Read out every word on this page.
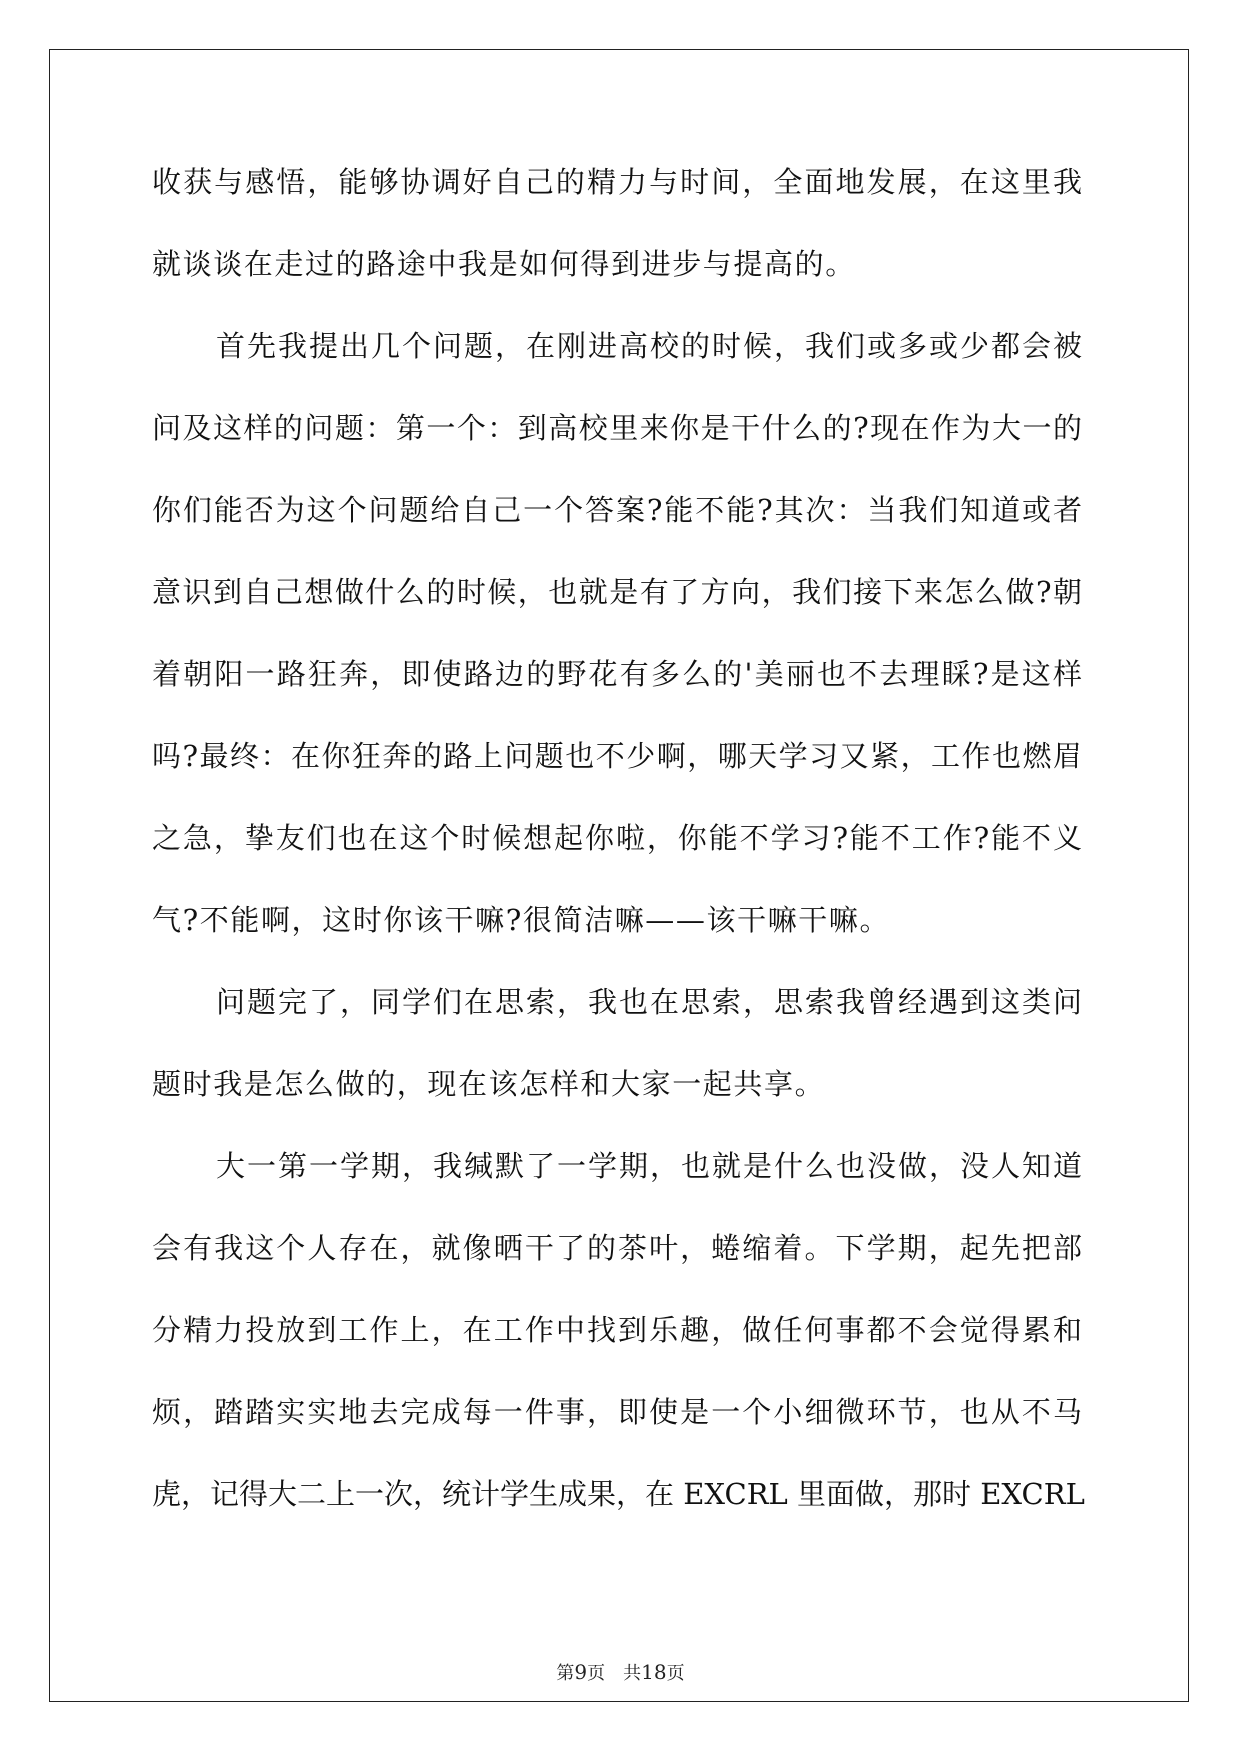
收获与感悟，能够协调好自己的精力与时间，全面地发展，在这里我
就谈谈在走过的路途中我是如何得到进步与提高的。
首先我提出几个问题，在刚进高校的时候，我们或多或少都会被
问及这样的问题：第一个：到高校里来你是干什么的?现在作为大一的
你们能否为这个问题给自己一个答案?能不能?其次：当我们知道或者
意识到自己想做什么的时候，也就是有了方向，我们接下来怎么做?朝
着朝阳一路狂奔，即使路边的野花有多么的'美丽也不去理睬?是这样
吗?最终：在你狂奔的路上问题也不少啊，哪天学习又紧，工作也燃眉
之急，挚友们也在这个时候想起你啦，你能不学习?能不工作?能不义
气?不能啊，这时你该干嘛?很简洁嘛——该干嘛干嘛。
问题完了，同学们在思索，我也在思索，思索我曾经遇到这类问
题时我是怎么做的，现在该怎样和大家一起共享。
大一第一学期，我缄默了一学期，也就是什么也没做，没人知道
会有我这个人存在，就像晒干了的茶叶，蜷缩着。下学期，起先把部
分精力投放到工作上，在工作中找到乐趣，做任何事都不会觉得累和
烦，踏踏实实地去完成每一件事，即使是一个小细微环节，也从不马
虎，记得大二上一次，统计学生成果，在 EXCRL 里面做，那时 EXCRL
第9页　共18页
